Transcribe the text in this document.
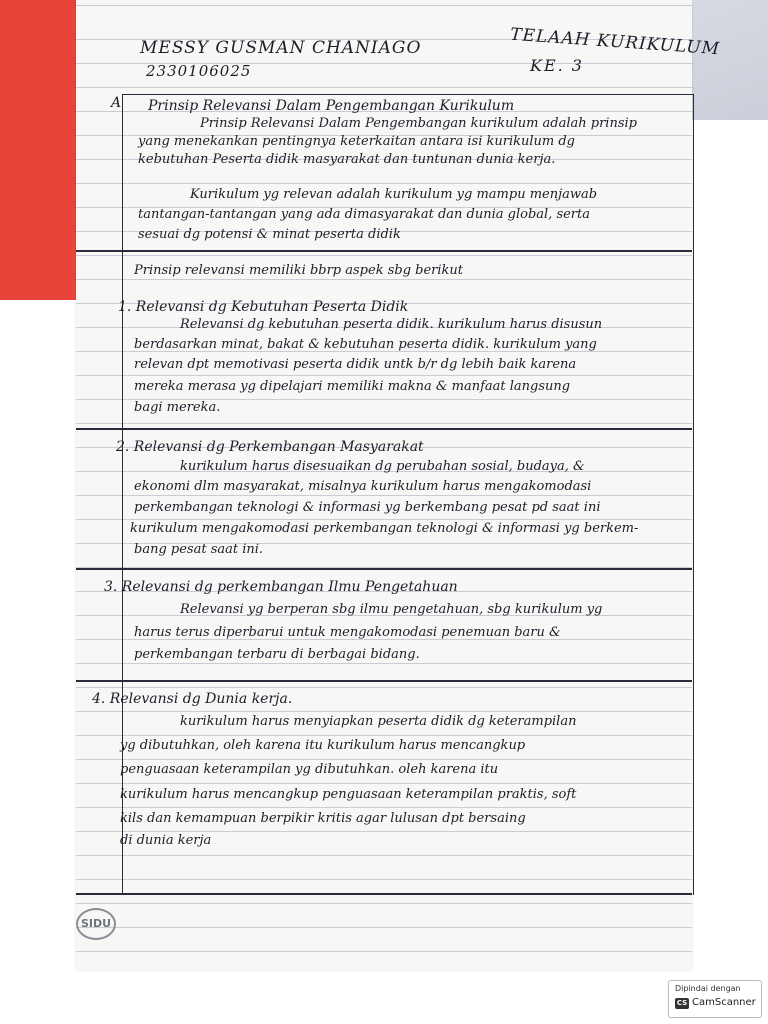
MESSY GUSMAN CHANIAGO
2330106025
TELAAH KURIKULUM
KE. 3
A Prinsip Relevansi Dalam Pengembangan Kurikulum
Prinsip Relevansi Dalam Pengembangan kurikulum adalah prinsip
yang menekankan pentingnya keterkaitan antara isi kurikulum dg
kebutuhan Peserta didik masyarakat dan tuntunan dunia kerja.
Kurikulum yg relevan adalah kurikulum yg mampu menjawab
tantangan-tantangan yang ada dimasyarakat dan dunia global, serta
sesuai dg potensi & minat peserta didik
Prinsip relevansi memiliki bbrp aspek sbg berikut
1. Relevansi dg Kebutuhan Peserta Didik
Relevansi dg kebutuhan peserta didik. kurikulum harus disusun
berdasarkan minat, bakat & kebutuhan peserta didik. kurikulum yang
relevan dpt memotivasi peserta didik untk b/r dg lebih baik karena
mereka merasa yg dipelajari memiliki makna & manfaat langsung
bagi mereka.
2. Relevansi dg Perkembangan Masyarakat
kurikulum harus disesuaikan dg perubahan sosial, budaya, &
ekonomi dlm masyarakat, misalnya kurikulum harus mengakomodasi
perkembangan teknologi & informasi yg berkembang pesat pd saat ini
kurikulum mengakomodasi perkembangan teknologi & informasi yg berkem-
bang pesat saat ini.
3. Relevansi dg perkembangan Ilmu Pengetahuan
Relevansi yg berperan sbg ilmu pengetahuan, sbg kurikulum yg
harus terus diperbarui untuk mengakomodasi penemuan baru &
perkembangan terbaru di berbagai bidang.
4. Relevansi dg Dunia kerja.
kurikulum harus menyiapkan peserta didik dg keterampilan
yg dibutuhkan, oleh karena itu kurikulum harus mencangkup
penguasaan keterampilan yg dibutuhkan. oleh karena itu
kurikulum harus mencangkup penguasaan keterampilan praktis, soft
kils dan kemampuan berpikir kritis agar lulusan dpt bersaing
di dunia kerja
SIDU
Dipindai dengan
CS CamScanner
